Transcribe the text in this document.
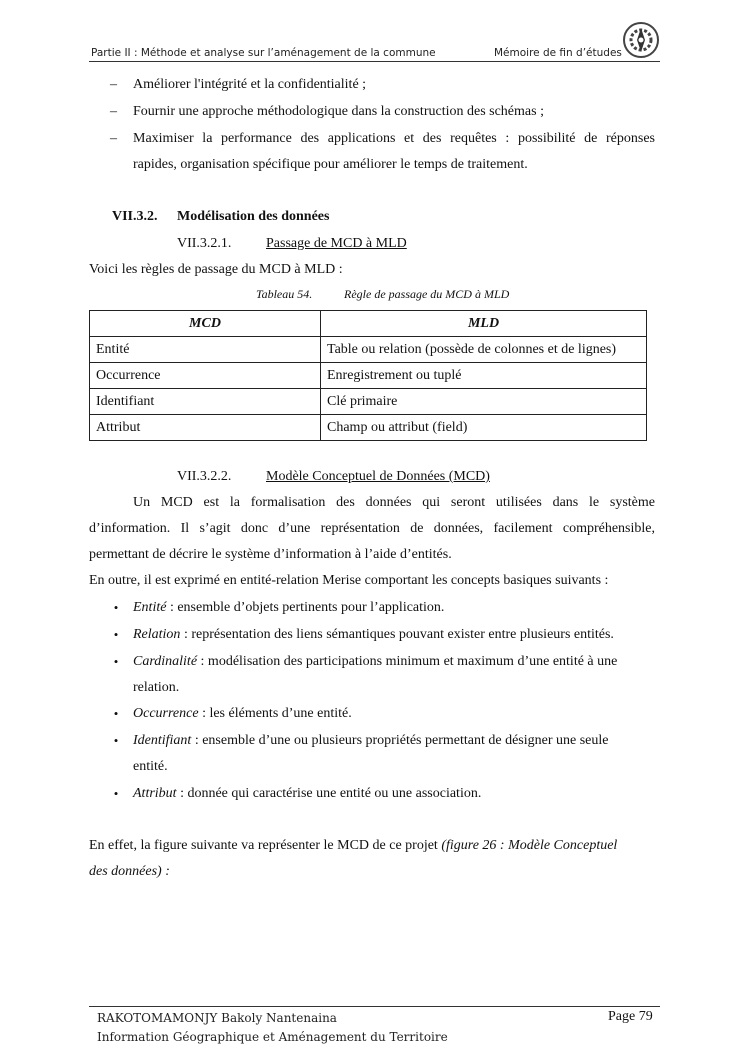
Partie II : Méthode et analyse sur l’aménagement de la commune	Mémoire de fin d’études
– Améliorer l'intégrité et la confidentialité ;
– Fournir une approche méthodologique dans la construction des schémas ;
– Maximiser la performance des applications et des requêtes : possibilité de réponses
rapides, organisation spécifique pour améliorer le temps de traitement.
VII.3.2. Modélisation des données
VII.3.2.1. Passage de MCD à MLD
Voici les règles de passage du MCD à MLD :
Tableau 54.	Règle de passage du MCD à MLD
MCD	MLD
Entité	Table ou relation (possède de colonnes et de lignes)
Occurrence	Enregistrement ou tuplé
Identifiant	Clé primaire
Attribut	Champ ou attribut (field)
VII.3.2.2. Modèle Conceptuel de Données (MCD)
Un MCD est la formalisation des données qui seront utilisées dans le système
d’information. Il s’agit donc d’une représentation de données, facilement compréhensible,
permettant de décrire le système d’information à l’aide d’entités.
En outre, il est exprimé en entité-relation Merise comportant les concepts basiques suivants :
• Entité : ensemble d’objets pertinents pour l’application.
• Relation : représentation des liens sémantiques pouvant exister entre plusieurs entités.
• Cardinalité : modélisation des participations minimum et maximum d’une entité à une
relation.
• Occurrence : les éléments d’une entité.
• Identifiant : ensemble d’une ou plusieurs propriétés permettant de désigner une seule
entité.
• Attribut : donnée qui caractérise une entité ou une association.
En effet, la figure suivante va représenter le MCD de ce projet (figure 26 : Modèle Conceptuel
des données) :
RAKOTOMAMONJY Bakoly Nantenaina
Information Géographique et Aménagement du Territoire
Page 79
